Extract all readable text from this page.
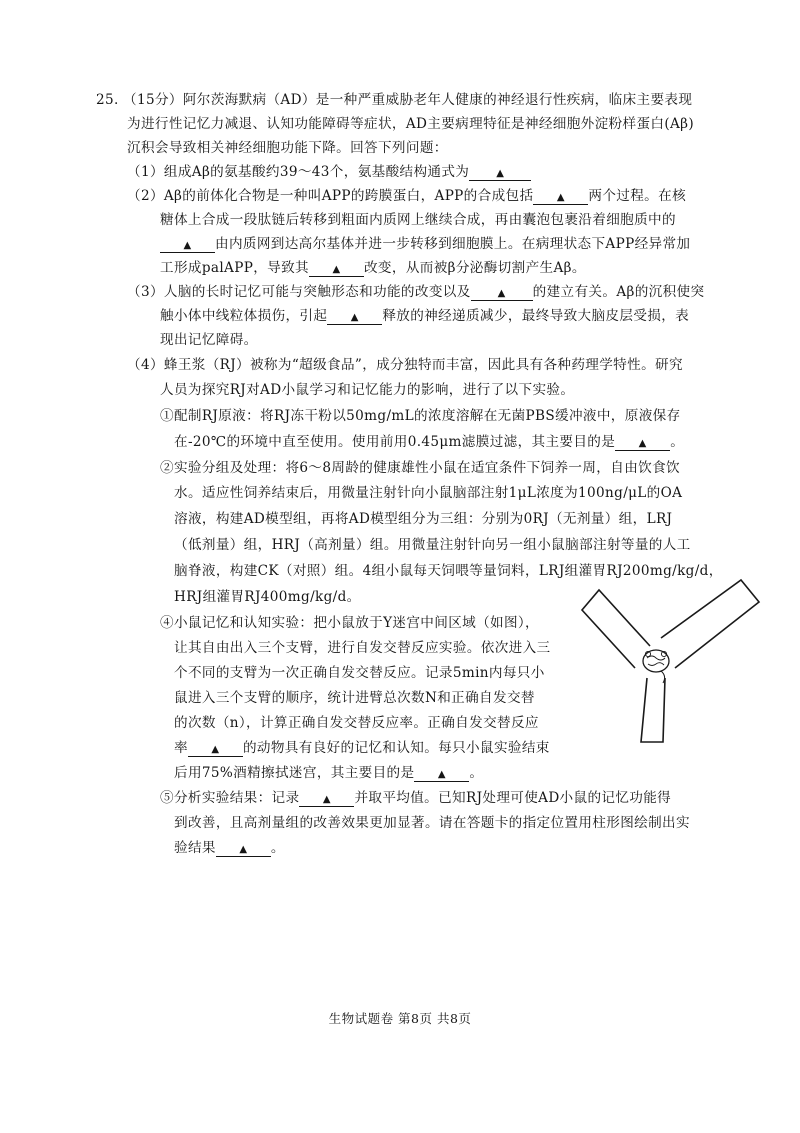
25. （15分）阿尔茨海默病（AD）是一种严重威胁老年人健康的神经退行性疾病，临床主要表现
为进行性记忆力减退、认知功能障碍等症状，AD主要病理特征是神经细胞外淀粉样蛋白(Aβ)
沉积会导致相关神经细胞功能下降。回答下列问题：
（1）组成Aβ的氨基酸约39～43个，氨基酸结构通式为	▲
（2）Aβ的前体化合物是一种叫APP的跨膜蛋白，APP的合成包括 ▲ 两个过程。在核
糖体上合成一段肽链后转移到粗面内质网上继续合成，再由囊泡包裹沿着细胞质中的
▲ 由内质网到达高尔基体并进一步转移到细胞膜上。在病理状态下APP经异常加
工形成palAPP，导致其 ▲ 改变，从而被β分泌酶切割产生Aβ。
（3）人脑的长时记忆可能与突触形态和功能的改变以及	▲ 的建立有关。Aβ的沉积使突
触小体中线粒体损伤，引起 ▲ 释放的神经递质减少，最终导致大脑皮层受损，表
现出记忆障碍。
（4）蜂王浆（RJ）被称为“超级食品”，成分独特而丰富，因此具有各种药理学特性。研究
人员为探究RJ对AD小鼠学习和记忆能力的影响，进行了以下实验。
①配制RJ原液：将RJ冻干粉以50mg/mL的浓度溶解在无菌PBS缓冲液中，原液保存
在-20℃的环境中直至使用。使用前用0.45μm滤膜过滤，其主要目的是 ▲ 。
②实验分组及处理：将6～8周龄的健康雄性小鼠在适宜条件下饲养一周，自由饮食饮
水。适应性饲养结束后，用微量注射针向小鼠脑部注射1μL浓度为100ng/μL的OA
溶液，构建AD模型组，再将AD模型组分为三组：分别为0RJ（无剂量）组，LRJ
（低剂量）组，HRJ（高剂量）组。用微量注射针向另一组小鼠脑部注射等量的人工
脑脊液，构建CK（对照）组。4组小鼠每天饲喂等量饲料，LRJ组灌胃RJ200mg/kg/d，
HRJ组灌胃RJ400mg/kg/d。
④小鼠记忆和认知实验：把小鼠放于Y迷宫中间区域（如图），
让其自由出入三个支臂，进行自发交替反应实验。依次进入三
个不同的支臂为一次正确自发交替反应。记录5min内每只小
鼠进入三个支臂的顺序，统计进臂总次数N和正确自发交替
的次数（n），计算正确自发交替反应率。正确自发交替反应
率 ▲ 的动物具有良好的记忆和认知。每只小鼠实验结束
后用75%酒精擦拭迷宫，其主要目的是 ▲ 。
⑤分析实验结果：记录 ▲ 并取平均值。已知RJ处理可使AD小鼠的记忆功能得
到改善，且高剂量组的改善效果更加显著。请在答题卡的指定位置用柱形图绘制出实
验结果 ▲ 。
生物试题卷 第8页 共8页
